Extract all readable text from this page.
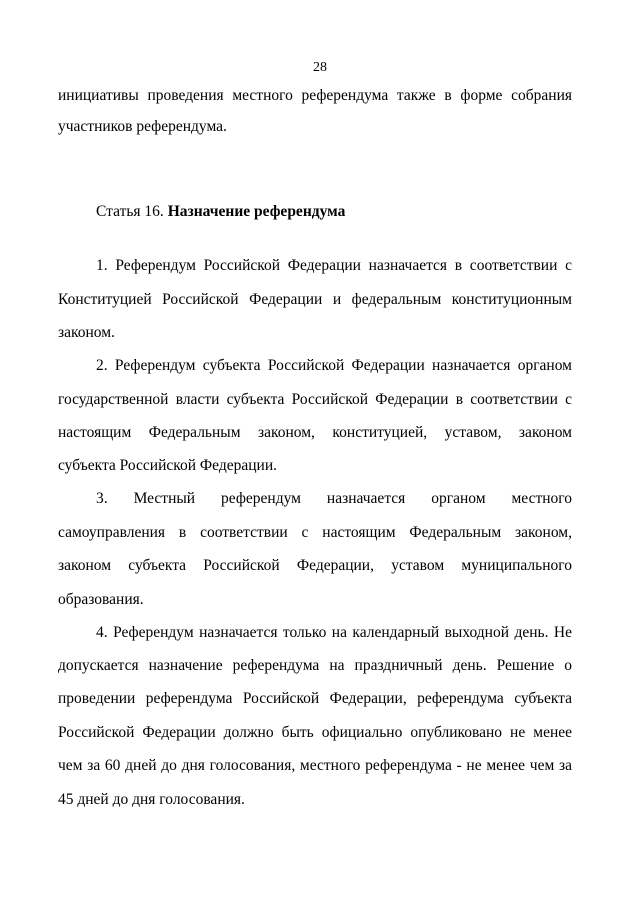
28
инициативы проведения местного референдума также в форме собрания
участников референдума.
Статья 16. Назначение референдума
1. Референдум Российской Федерации назначается в соответствии с
Конституцией Российской Федерации и федеральным конституционным
законом.
2. Референдум субъекта Российской Федерации назначается органом
государственной власти субъекта Российской Федерации в соответствии с
настоящим Федеральным законом, конституцией, уставом, законом
субъекта Российской Федерации.
3. Местный референдум назначается органом местного
самоуправления в соответствии с настоящим Федеральным законом,
законом субъекта Российской Федерации, уставом муниципального
образования.
4. Референдум назначается только на календарный выходной день. Не
допускается назначение референдума на праздничный день. Решение о
проведении референдума Российской Федерации, референдума субъекта
Российской Федерации должно быть официально опубликовано не менее
чем за 60 дней до дня голосования, местного референдума - не менее чем за
45 дней до дня голосования.
